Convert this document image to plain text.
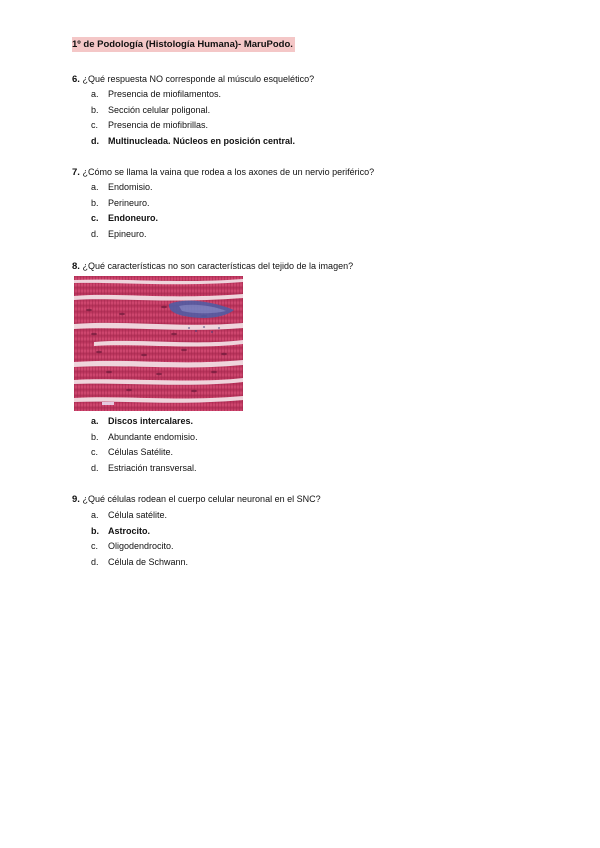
1º de Podología (Histología Humana)- MaruPodo.
6. ¿Qué respuesta NO corresponde al músculo esquelético?
a.	Presencia de miofilamentos.
b.	Sección celular poligonal.
c.	Presencia de miofibrillas.
d.	Multinucleada. Núcleos en posición central.
7. ¿Cómo se llama la vaina que rodea a los axones de un nervio periférico?
a.	Endomisio.
b.	Perineuro.
c.	Endoneuro.
d.	Epineuro.
8. ¿Qué características no son características del tejido de la imagen?
a.	Discos intercalares.
b.	Abundante endomisio.
c.	Células Satélite.
d.	Estriación transversal.
9. ¿Qué células rodean el cuerpo celular neuronal en el SNC?
a.	Célula satélite.
b.	Astrocito.
c.	Oligodendrocito.
d.	Célula de Schwann.
